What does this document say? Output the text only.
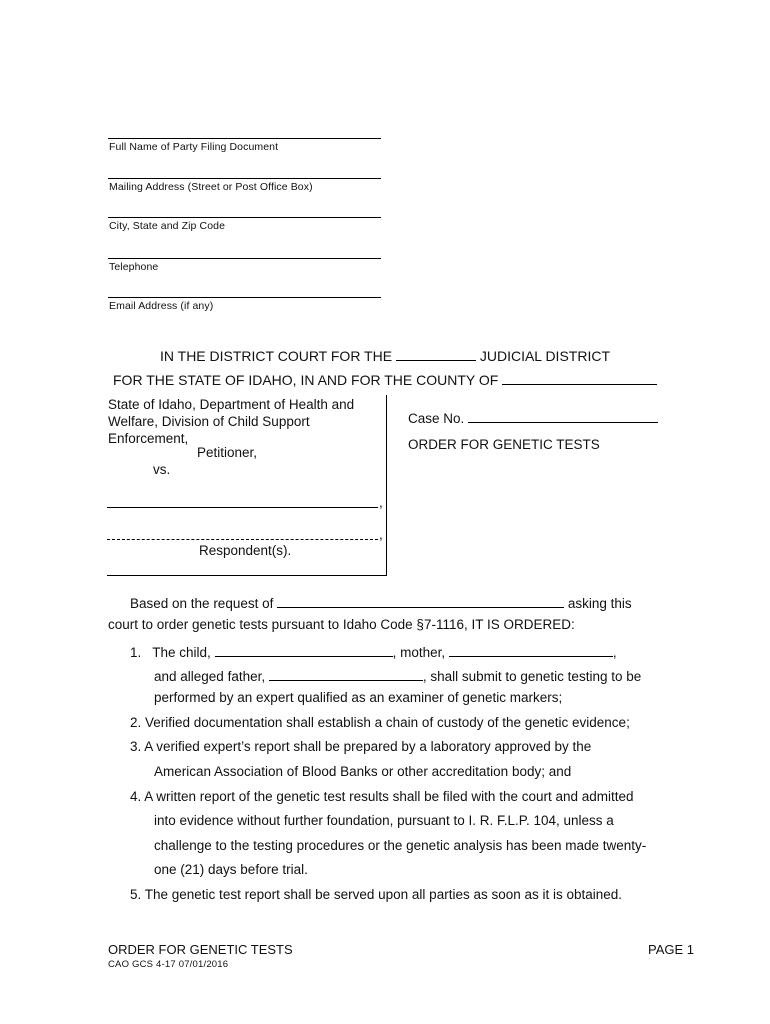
Full Name of Party Filing Document
Mailing Address (Street or Post Office Box)
City, State and Zip Code
Telephone
Email Address (if any)
IN THE DISTRICT COURT FOR THE	JUDICIAL DISTRICT
FOR THE STATE OF IDAHO, IN AND FOR THE COUNTY OF
State of Idaho, Department of Health and
Welfare, Division of Child Support
Enforcement,
Petitioner,
vs.
,
,
Respondent(s).
Case No.
ORDER FOR GENETIC TESTS
Based on the request of	asking this
court to order genetic tests pursuant to Idaho Code §7-1116, IT IS ORDERED:
1. The child,	, mother,	,
and alleged father,	, shall submit to genetic testing to be
performed by an expert qualified as an examiner of genetic markers;
2. Verified documentation shall establish a chain of custody of the genetic evidence;
3. A verified expert’s report shall be prepared by a laboratory approved by the
American Association of Blood Banks or other accreditation body; and
4. A written report of the genetic test results shall be filed with the court and admitted
into evidence without further foundation, pursuant to I. R. F.L.P. 104, unless a
challenge to the testing procedures or the genetic analysis has been made twenty-
one (21) days before trial.
5. The genetic test report shall be served upon all parties as soon as it is obtained.
ORDER FOR GENETIC TESTS	PAGE 1
CAO GCS 4-17 07/01/2016
